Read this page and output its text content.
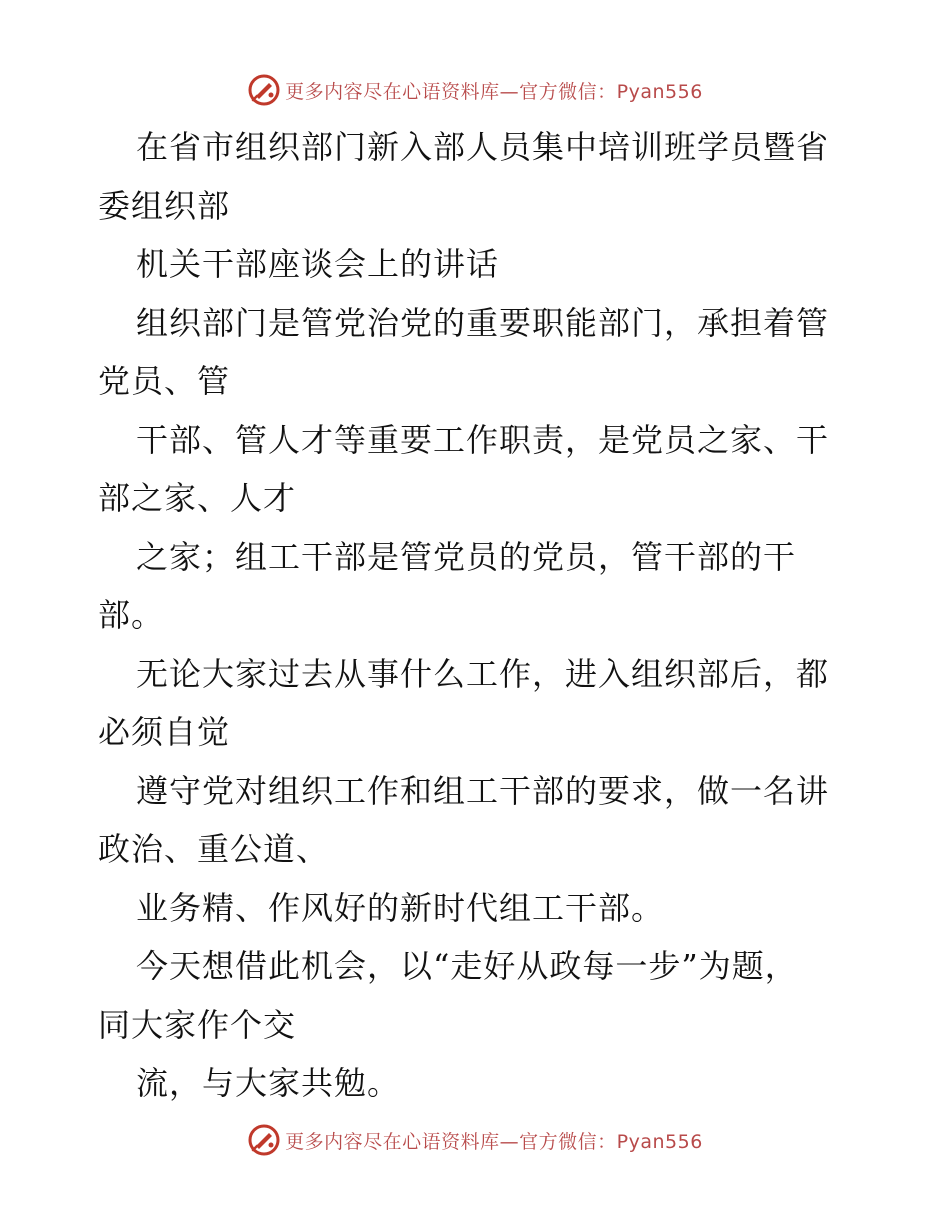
更多内容尽在心语资料库—官方微信：Pyan556
在省市组织部门新入部人员集中培训班学员暨省
委组织部
机关干部座谈会上的讲话
组织部门是管党治党的重要职能部门，承担着管
党员、管
干部、管人才等重要工作职责，是党员之家、干
部之家、人才
之家；组工干部是管党员的党员，管干部的干
部。
无论大家过去从事什么工作，进入组织部后，都
必须自觉
遵守党对组织工作和组工干部的要求，做一名讲
政治、重公道、
业务精、作风好的新时代组工干部。
今天想借此机会，以“走好从政每一步”为题，
同大家作个交
流，与大家共勉。
更多内容尽在心语资料库—官方微信：Pyan556
